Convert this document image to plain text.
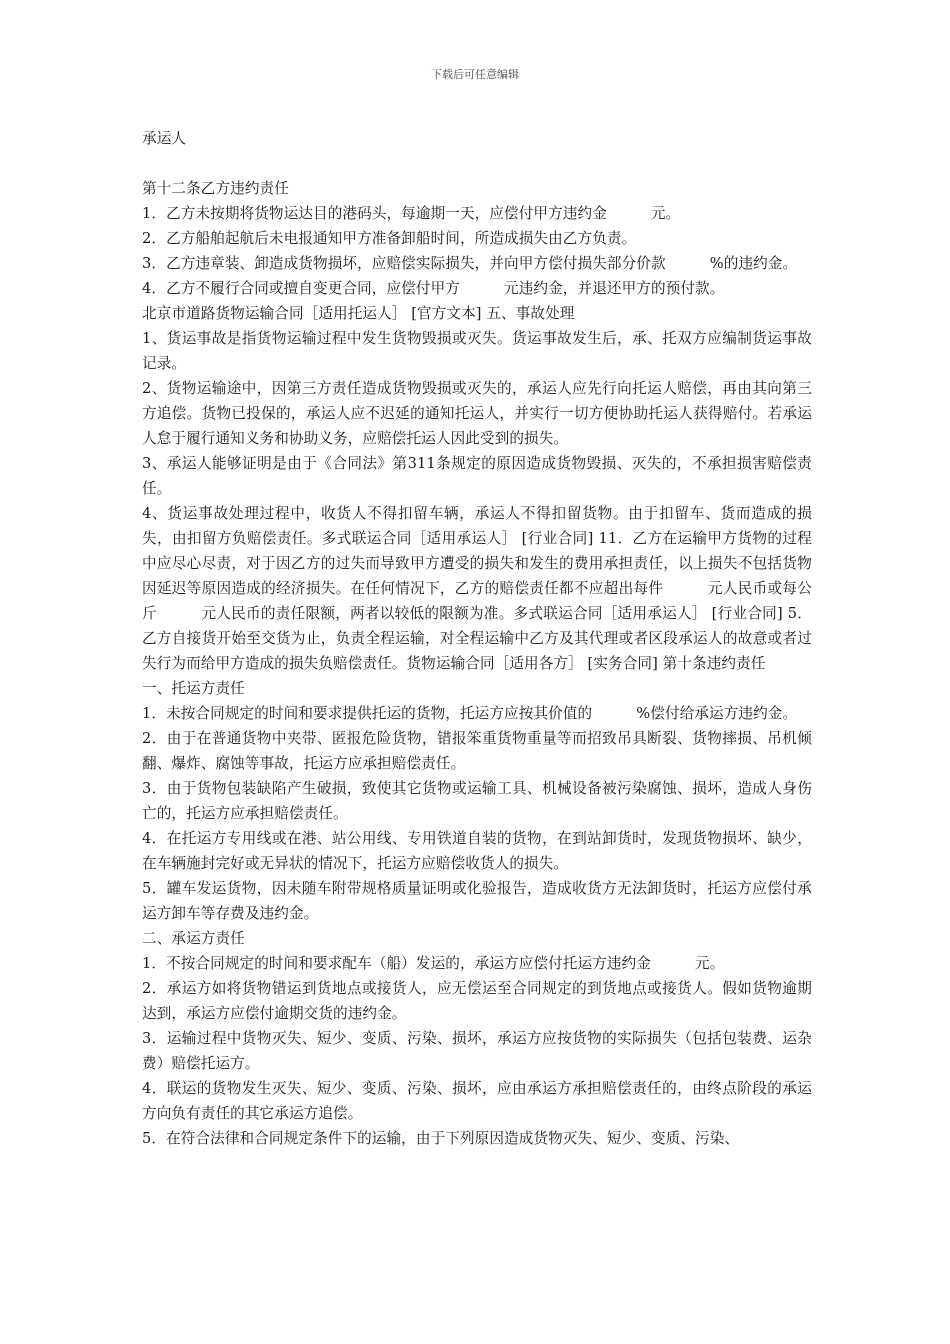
下载后可任意编辑

承运人

第十二条乙方违约责任

1．乙方未按期将货物运达目的港码头，每逾期一天，应偿付甲方违约金　　　元。

2．乙方船舶起航后未电报通知甲方准备卸船时间，所造成损失由乙方负责。

3．乙方违章装、卸造成货物损坏，应赔偿实际损失，并向甲方偿付损失部分价款　　　%的违约金。

4．乙方不履行合同或擅自变更合同，应偿付甲方　　　元违约金，并退还甲方的预付款。

北京市道路货物运输合同［适用托运人］ [官方文本] 五、事故处理

1、货运事故是指货物运输过程中发生货物毁损或灭失。货运事故发生后，承、托双方应编制货运事故记录。

2、货物运输途中，因第三方责任造成货物毁损或灭失的，承运人应先行向托运人赔偿，再由其向第三方追偿。货物已投保的，承运人应不迟延的通知托运人，并实行一切方便协助托运人获得赔付。若承运人怠于履行通知义务和协助义务，应赔偿托运人因此受到的损失。

3、承运人能够证明是由于《合同法》第311条规定的原因造成货物毁损、灭失的，不承担损害赔偿责任。

4、货运事故处理过程中，收货人不得扣留车辆，承运人不得扣留货物。由于扣留车、货而造成的损失，由扣留方负赔偿责任。多式联运合同［适用承运人］ [行业合同] 11．乙方在运输甲方货物的过程中应尽心尽责，对于因乙方的过失而导致甲方遭受的损失和发生的费用承担责任，以上损失不包括货物因延迟等原因造成的经济损失。在任何情况下，乙方的赔偿责任都不应超出每件　　　元人民币或每公斤　　　元人民币的责任限额，两者以较低的限额为准。多式联运合同［适用承运人］ [行业合同] 5．乙方自接货开始至交货为止，负责全程运输，对全程运输中乙方及其代理或者区段承运人的故意或者过失行为而给甲方造成的损失负赔偿责任。货物运输合同［适用各方］ [实务合同] 第十条违约责任

一、托运方责任

1．未按合同规定的时间和要求提供托运的货物，托运方应按其价值的　　　%偿付给承运方违约金。

2．由于在普通货物中夹带、匿报危险货物，错报笨重货物重量等而招致吊具断裂、货物摔损、吊机倾翻、爆炸、腐蚀等事故，托运方应承担赔偿责任。

3．由于货物包装缺陷产生破损，致使其它货物或运输工具、机械设备被污染腐蚀、损坏，造成人身伤亡的，托运方应承担赔偿责任。

4．在托运方专用线或在港、站公用线、专用铁道自装的货物，在到站卸货时，发现货物损坏、缺少，在车辆施封完好或无异状的情况下，托运方应赔偿收货人的损失。

5．罐车发运货物，因未随车附带规格质量证明或化验报告，造成收货方无法卸货时，托运方应偿付承运方卸车等存费及违约金。

二、承运方责任

1．不按合同规定的时间和要求配车（船）发运的，承运方应偿付托运方违约金　　　元。

2．承运方如将货物错运到货地点或接货人，应无偿运至合同规定的到货地点或接货人。假如货物逾期达到，承运方应偿付逾期交货的违约金。

3．运输过程中货物灭失、短少、变质、污染、损坏，承运方应按货物的实际损失（包括包装费、运杂费）赔偿托运方。

4．联运的货物发生灭失、短少、变质、污染、损坏，应由承运方承担赔偿责任的，由终点阶段的承运方向负有责任的其它承运方追偿。

5．在符合法律和合同规定条件下的运输，由于下列原因造成货物灭失、短少、变质、污染、
